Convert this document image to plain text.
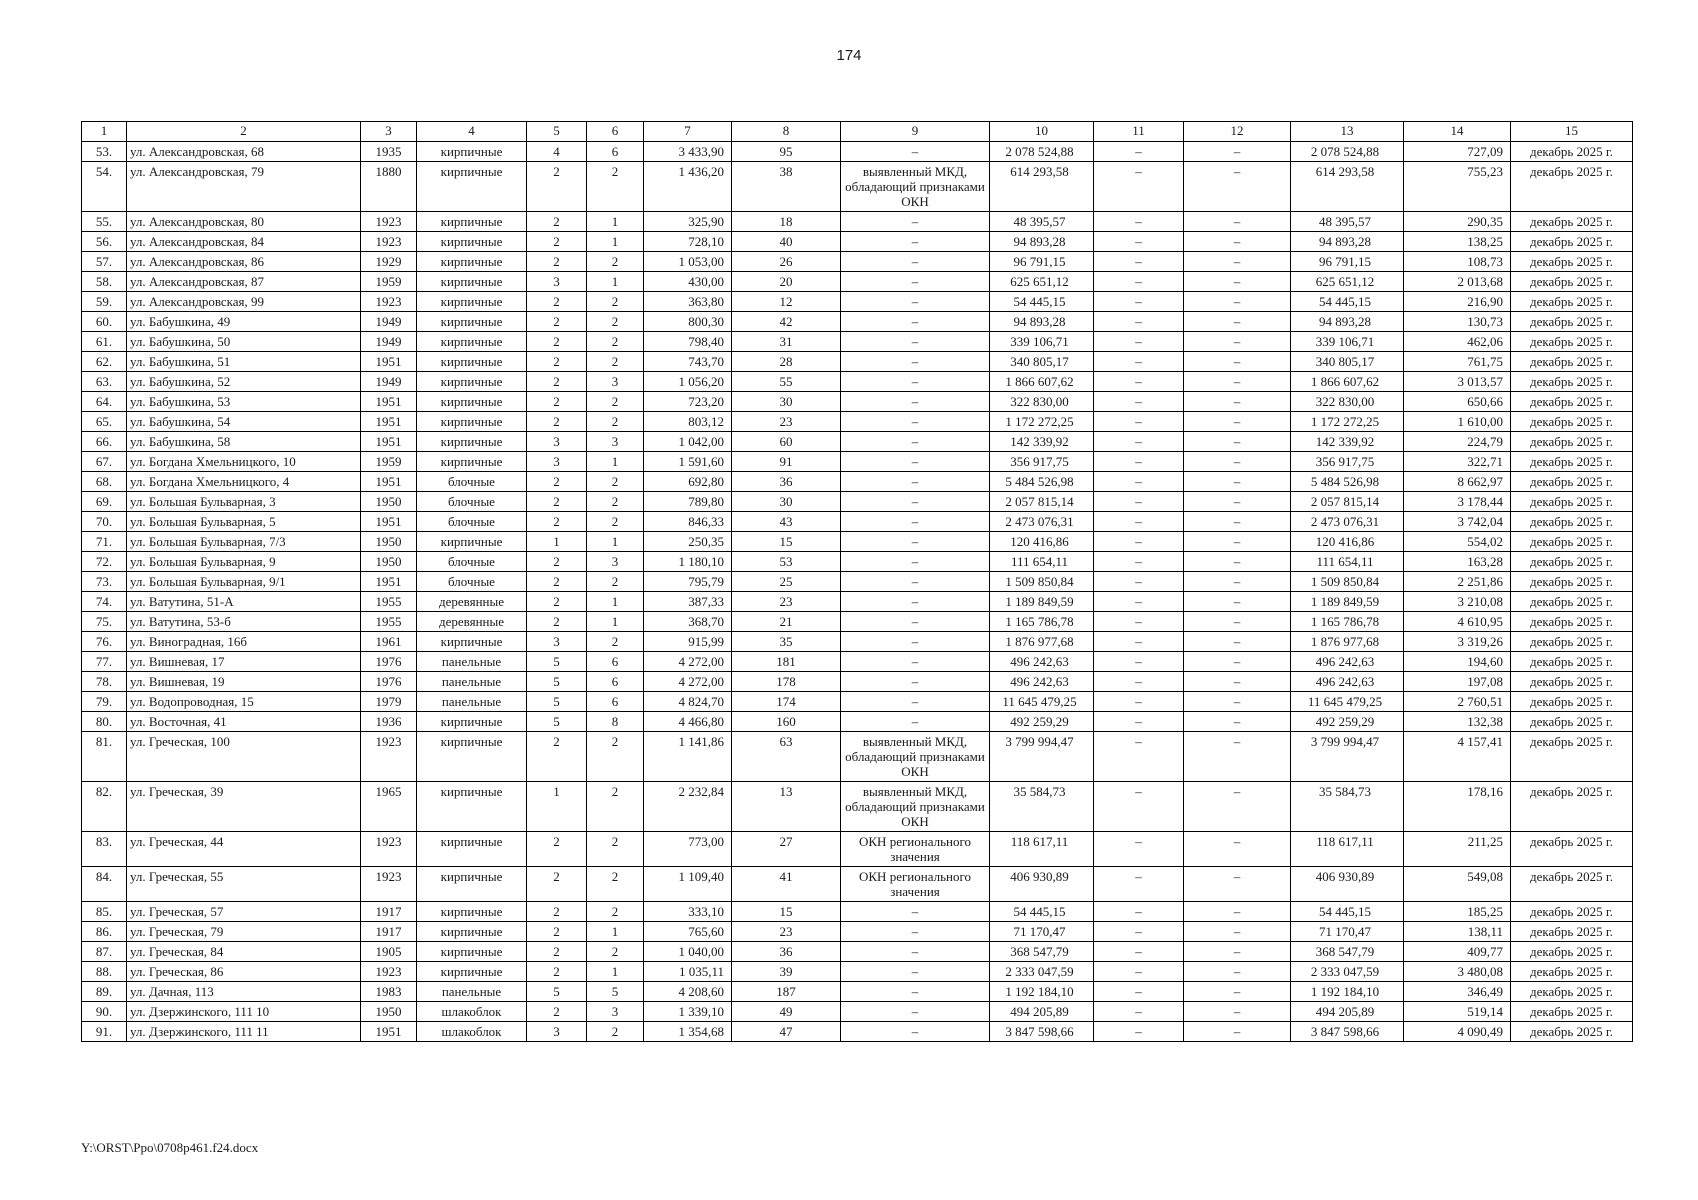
174
1	2	3	4	5	6	7	8	9	10	11	12	13	14	15
53.	ул. Александровская, 68	1935	кирпичные	4	6	3 433,90	95	–	2 078 524,88	–	–	2 078 524,88	727,09	декабрь 2025 г.
54.	ул. Александровская, 79	1880	кирпичные	2	2	1 436,20	38	выявленный МКД, обладающий признаками ОКН	614 293,58	–	–	614 293,58	755,23	декабрь 2025 г.
55.	ул. Александровская, 80	1923	кирпичные	2	1	325,90	18	–	48 395,57	–	–	48 395,57	290,35	декабрь 2025 г.
56.	ул. Александровская, 84	1923	кирпичные	2	1	728,10	40	–	94 893,28	–	–	94 893,28	138,25	декабрь 2025 г.
57.	ул. Александровская, 86	1929	кирпичные	2	2	1 053,00	26	–	96 791,15	–	–	96 791,15	108,73	декабрь 2025 г.
58.	ул. Александровская, 87	1959	кирпичные	3	1	430,00	20	–	625 651,12	–	–	625 651,12	2 013,68	декабрь 2025 г.
59.	ул. Александровская, 99	1923	кирпичные	2	2	363,80	12	–	54 445,15	–	–	54 445,15	216,90	декабрь 2025 г.
60.	ул. Бабушкина, 49	1949	кирпичные	2	2	800,30	42	–	94 893,28	–	–	94 893,28	130,73	декабрь 2025 г.
61.	ул. Бабушкина, 50	1949	кирпичные	2	2	798,40	31	–	339 106,71	–	–	339 106,71	462,06	декабрь 2025 г.
62.	ул. Бабушкина, 51	1951	кирпичные	2	2	743,70	28	–	340 805,17	–	–	340 805,17	761,75	декабрь 2025 г.
63.	ул. Бабушкина, 52	1949	кирпичные	2	3	1 056,20	55	–	1 866 607,62	–	–	1 866 607,62	3 013,57	декабрь 2025 г.
64.	ул. Бабушкина, 53	1951	кирпичные	2	2	723,20	30	–	322 830,00	–	–	322 830,00	650,66	декабрь 2025 г.
65.	ул. Бабушкина, 54	1951	кирпичные	2	2	803,12	23	–	1 172 272,25	–	–	1 172 272,25	1 610,00	декабрь 2025 г.
66.	ул. Бабушкина, 58	1951	кирпичные	3	3	1 042,00	60	–	142 339,92	–	–	142 339,92	224,79	декабрь 2025 г.
67.	ул. Богдана Хмельницкого, 10	1959	кирпичные	3	1	1 591,60	91	–	356 917,75	–	–	356 917,75	322,71	декабрь 2025 г.
68.	ул. Богдана Хмельницкого, 4	1951	блочные	2	2	692,80	36	–	5 484 526,98	–	–	5 484 526,98	8 662,97	декабрь 2025 г.
69.	ул. Большая Бульварная, 3	1950	блочные	2	2	789,80	30	–	2 057 815,14	–	–	2 057 815,14	3 178,44	декабрь 2025 г.
70.	ул. Большая Бульварная, 5	1951	блочные	2	2	846,33	43	–	2 473 076,31	–	–	2 473 076,31	3 742,04	декабрь 2025 г.
71.	ул. Большая Бульварная, 7/3	1950	кирпичные	1	1	250,35	15	–	120 416,86	–	–	120 416,86	554,02	декабрь 2025 г.
72.	ул. Большая Бульварная, 9	1950	блочные	2	3	1 180,10	53	–	111 654,11	–	–	111 654,11	163,28	декабрь 2025 г.
73.	ул. Большая Бульварная, 9/1	1951	блочные	2	2	795,79	25	–	1 509 850,84	–	–	1 509 850,84	2 251,86	декабрь 2025 г.
74.	ул. Ватутина, 51-А	1955	деревянные	2	1	387,33	23	–	1 189 849,59	–	–	1 189 849,59	3 210,08	декабрь 2025 г.
75.	ул. Ватутина, 53-б	1955	деревянные	2	1	368,70	21	–	1 165 786,78	–	–	1 165 786,78	4 610,95	декабрь 2025 г.
76.	ул. Виноградная, 16б	1961	кирпичные	3	2	915,99	35	–	1 876 977,68	–	–	1 876 977,68	3 319,26	декабрь 2025 г.
77.	ул. Вишневая, 17	1976	панельные	5	6	4 272,00	181	–	496 242,63	–	–	496 242,63	194,60	декабрь 2025 г.
78.	ул. Вишневая, 19	1976	панельные	5	6	4 272,00	178	–	496 242,63	–	–	496 242,63	197,08	декабрь 2025 г.
79.	ул. Водопроводная, 15	1979	панельные	5	6	4 824,70	174	–	11 645 479,25	–	–	11 645 479,25	2 760,51	декабрь 2025 г.
80.	ул. Восточная, 41	1936	кирпичные	5	8	4 466,80	160	–	492 259,29	–	–	492 259,29	132,38	декабрь 2025 г.
81.	ул. Греческая, 100	1923	кирпичные	2	2	1 141,86	63	выявленный МКД, обладающий признаками ОКН	3 799 994,47	–	–	3 799 994,47	4 157,41	декабрь 2025 г.
82.	ул. Греческая, 39	1965	кирпичные	1	2	2 232,84	13	выявленный МКД, обладающий признаками ОКН	35 584,73	–	–	35 584,73	178,16	декабрь 2025 г.
83.	ул. Греческая, 44	1923	кирпичные	2	2	773,00	27	ОКН регионального значения	118 617,11	–	–	118 617,11	211,25	декабрь 2025 г.
84.	ул. Греческая, 55	1923	кирпичные	2	2	1 109,40	41	ОКН регионального значения	406 930,89	–	–	406 930,89	549,08	декабрь 2025 г.
85.	ул. Греческая, 57	1917	кирпичные	2	2	333,10	15	–	54 445,15	–	–	54 445,15	185,25	декабрь 2025 г.
86.	ул. Греческая, 79	1917	кирпичные	2	1	765,60	23	–	71 170,47	–	–	71 170,47	138,11	декабрь 2025 г.
87.	ул. Греческая, 84	1905	кирпичные	2	2	1 040,00	36	–	368 547,79	–	–	368 547,79	409,77	декабрь 2025 г.
88.	ул. Греческая, 86	1923	кирпичные	2	1	1 035,11	39	–	2 333 047,59	–	–	2 333 047,59	3 480,08	декабрь 2025 г.
89.	ул. Дачная, 113	1983	панельные	5	5	4 208,60	187	–	1 192 184,10	–	–	1 192 184,10	346,49	декабрь 2025 г.
90.	ул. Дзержинского, 111 10	1950	шлакоблок	2	3	1 339,10	49	–	494 205,89	–	–	494 205,89	519,14	декабрь 2025 г.
91.	ул. Дзержинского, 111 11	1951	шлакоблок	3	2	1 354,68	47	–	3 847 598,66	–	–	3 847 598,66	4 090,49	декабрь 2025 г.
Y:\ORST\Ppo\0708p461.f24.docx
